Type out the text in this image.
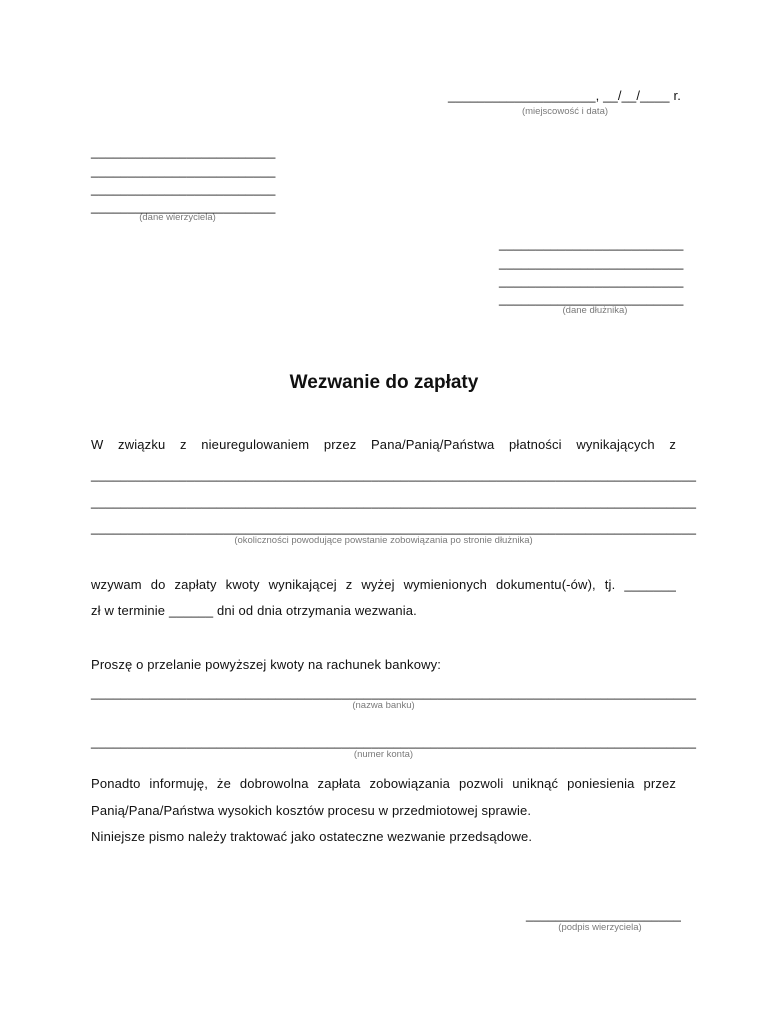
____________________, __/__/____ r.
(miejscowość i data)
_________________________
_________________________
_________________________
_________________________
(dane wierzyciela)
_________________________
_________________________
_________________________
_________________________
(dane dłużnika)
Wezwanie do zapłaty
W związku z nieuregulowaniem przez Pana/Panią/Państwa płatności wynikających z
__________________________________________________________________________________
__________________________________________________________________________________
__________________________________________________________________________________
(okoliczności powodujące powstanie zobowiązania po stronie dłużnika)
wzywam do zapłaty kwoty wynikającej z wyżej wymienionych dokumentu(-ów), tj. _______
zł w terminie ______ dni od dnia otrzymania wezwania.
Proszę o przelanie powyższej kwoty na rachunek bankowy:
__________________________________________________________________________________
(nazwa banku)
__________________________________________________________________________________
(numer konta)
Ponadto informuję, że dobrowolna zapłata zobowiązania pozwoli uniknąć poniesienia przez
Panią/Pana/Państwa wysokich kosztów procesu w przedmiotowej sprawie.
Niniejsze pismo należy traktować jako ostateczne wezwanie przedsądowe.
_____________________
(podpis wierzyciela)
